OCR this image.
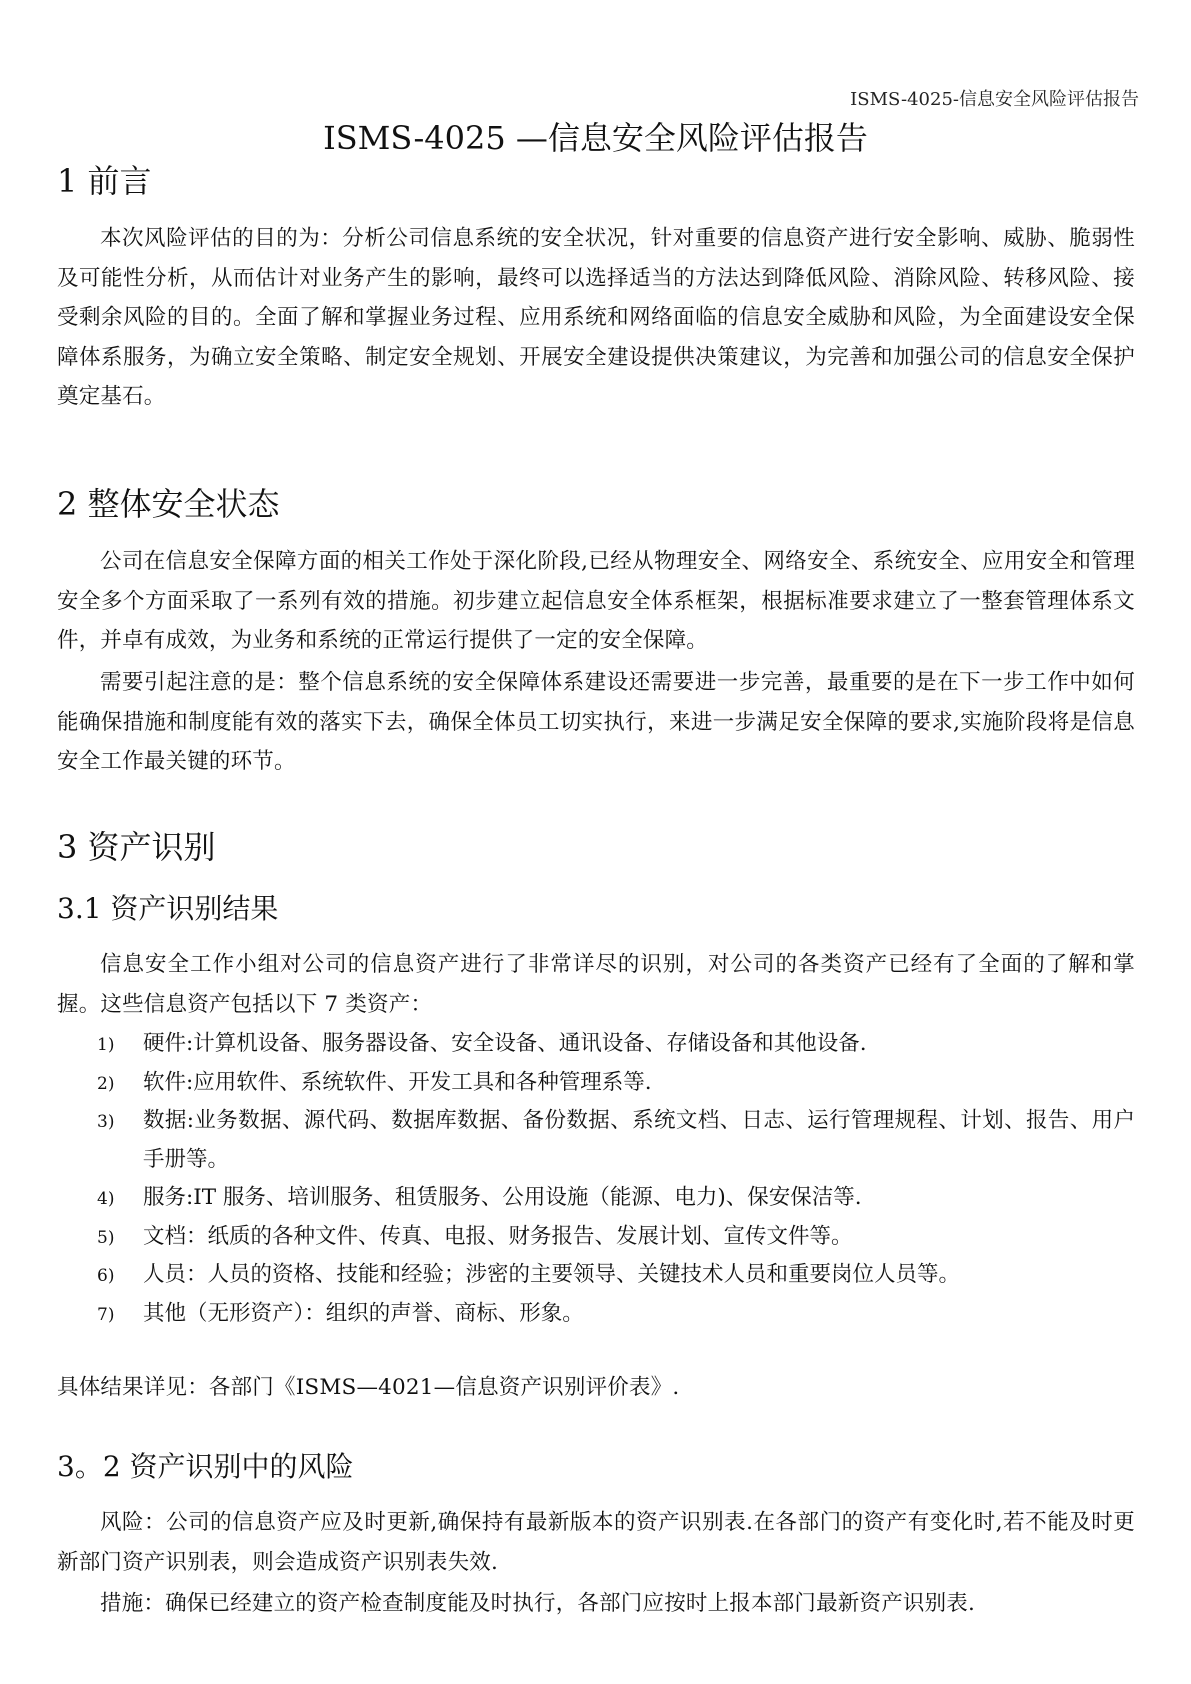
ISMS-4025-信息安全风险评估报告
ISMS-4025 —信息安全风险评估报告
1 前言

本次风险评估的目的为：分析公司信息系统的安全状况，针对重要的信息资产进行安全影响、威胁、脆弱性及可能性分析，从而估计对业务产生的影响，最终可以选择适当的方法达到降低风险、消除风险、转移风险、接受剩余风险的目的。全面了解和掌握业务过程、应用系统和网络面临的信息安全威胁和风险，为全面建设安全保障体系服务，为确立安全策略、制定安全规划、开展安全建设提供决策建议，为完善和加强公司的信息安全保护奠定基石。

2 整体安全状态

公司在信息安全保障方面的相关工作处于深化阶段,已经从物理安全、网络安全、系统安全、应用安全和管理安全多个方面采取了一系列有效的措施。初步建立起信息安全体系框架，根据标准要求建立了一整套管理体系文件，并卓有成效，为业务和系统的正常运行提供了一定的安全保障。

需要引起注意的是：整个信息系统的安全保障体系建设还需要进一步完善，最重要的是在下一步工作中如何能确保措施和制度能有效的落实下去，确保全体员工切实执行，来进一步满足安全保障的要求,实施阶段将是信息安全工作最关键的环节。

3 资产识别
3.1 资产识别结果

信息安全工作小组对公司的信息资产进行了非常详尽的识别，对公司的各类资产已经有了全面的了解和掌握。这些信息资产包括以下 7 类资产：

1) 硬件:计算机设备、服务器设备、安全设备、通讯设备、存储设备和其他设备.
2) 软件:应用软件、系统软件、开发工具和各种管理系等.
3) 数据:业务数据、源代码、数据库数据、备份数据、系统文档、日志、运行管理规程、计划、报告、用户手册等。
4) 服务:IT 服务、培训服务、租赁服务、公用设施（能源、电力)、保安保洁等.
5) 文档：纸质的各种文件、传真、电报、财务报告、发展计划、宣传文件等。
6) 人员：人员的资格、技能和经验；涉密的主要领导、关键技术人员和重要岗位人员等。
7) 其他（无形资产）：组织的声誉、商标、形象。

具体结果详见：各部门《ISMS—4021—信息资产识别评价表》.

3。2 资产识别中的风险

风险：公司的信息资产应及时更新,确保持有最新版本的资产识别表.在各部门的资产有变化时,若不能及时更新部门资产识别表，则会造成资产识别表失效.

措施：确保已经建立的资产检查制度能及时执行，各部门应按时上报本部门最新资产识别表.
